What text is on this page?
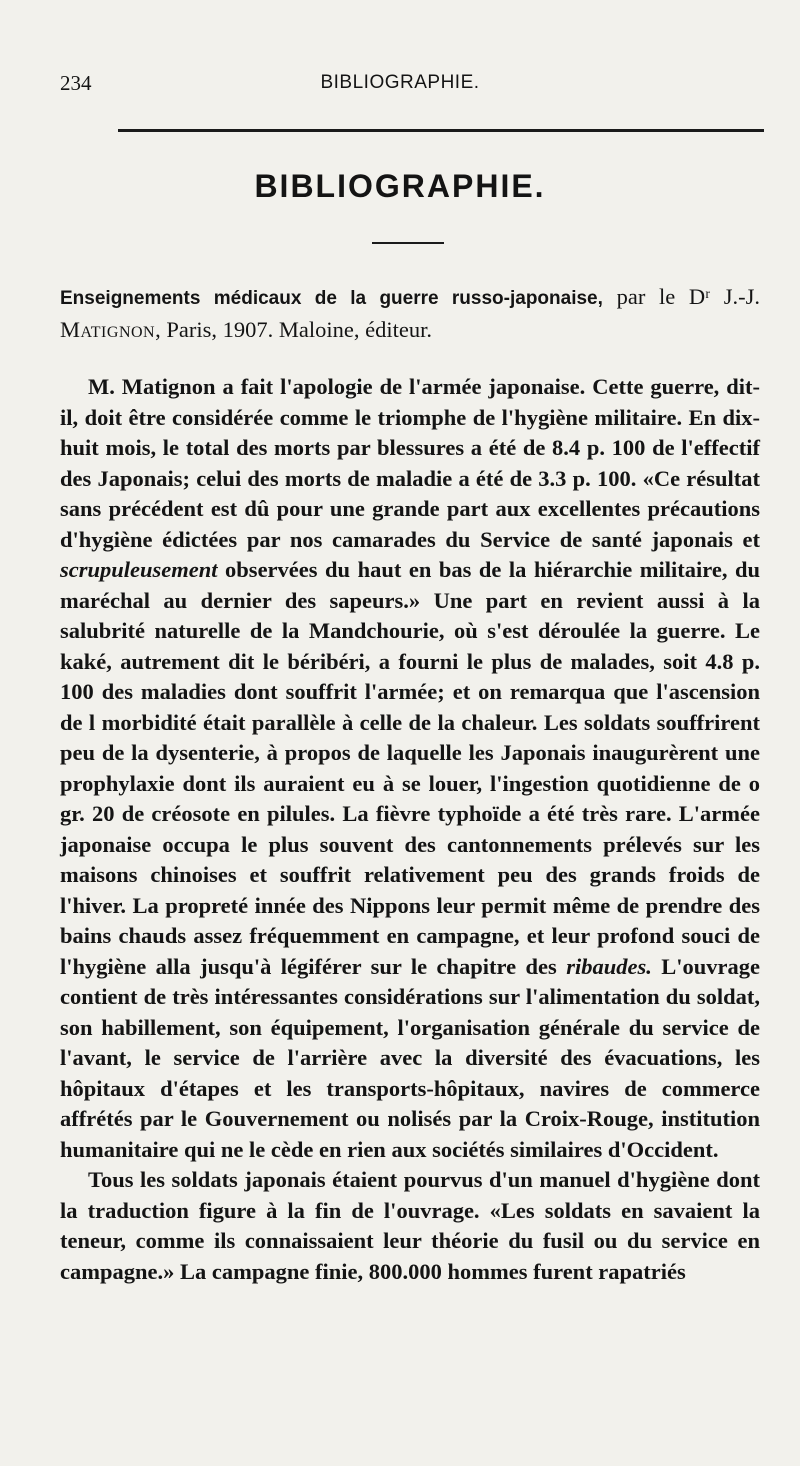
234	BIBLIOGRAPHIE.
BIBLIOGRAPHIE.
Enseignements médicaux de la guerre russo-japonaise, par le Dʳ J.-J. Matignon, Paris, 1907. Maloine, éditeur.

M. Matignon a fait l'apologie de l'armée japonaise. Cette guerre, dit-il, doit être considérée comme le triomphe de l'hygiène militaire. En dix-huit mois, le total des morts par blessures a été de 8.4 p. 100 de l'effectif des Japonais; celui des morts de maladie a été de 3.3 p. 100. «Ce résultat sans précédent est dû pour une grande part aux excellentes précautions d'hygiène édictées par nos camarades du Service de santé japonais et scrupuleusement observées du haut en bas de la hiérarchie militaire, du maréchal au dernier des sapeurs.» Une part en revient aussi à la salubrité naturelle de la Mandchourie, où s'est déroulée la guerre. Le kaké, autrement dit le béribéri, a fourni le plus de malades, soit 4.8 p. 100 des maladies dont souffrit l'armée; et on remarqua que l'ascension de l morbidité était parallèle à celle de la chaleur. Les soldats souffrirent peu de la dysenterie, à propos de laquelle les Japonais inaugurèrent une prophylaxie dont ils auraient eu à se louer, l'ingestion quotidienne de o gr. 20 de créosote en pilules. La fièvre typhoïde a été très rare. L'armée japonaise occupa le plus souvent des cantonnements prélevés sur les maisons chinoises et souffrit relativement peu des grands froids de l'hiver. La propreté innée des Nippons leur permit même de prendre des bains chauds assez fréquemment en campagne, et leur profond souci de l'hygiène alla jusqu'à légiférer sur le chapitre des ribaudes. L'ouvrage contient de très intéressantes considérations sur l'alimentation du soldat, son habillement, son équipement, l'organisation générale du service de l'avant, le service de l'arrière avec la diversité des évacuations, les hôpitaux d'étapes et les transports-hôpitaux, navires de commerce affrétés par le Gouvernement ou nolisés par la Croix-Rouge, institution humanitaire qui ne le cède en rien aux sociétés similaires d'Occident.

Tous les soldats japonais étaient pourvus d'un manuel d'hygiène dont la traduction figure à la fin de l'ouvrage. «Les soldats en savaient la teneur, comme ils connaissaient leur théorie du fusil ou du service en campagne.» La campagne finie, 800.000 hommes furent rapatriés
